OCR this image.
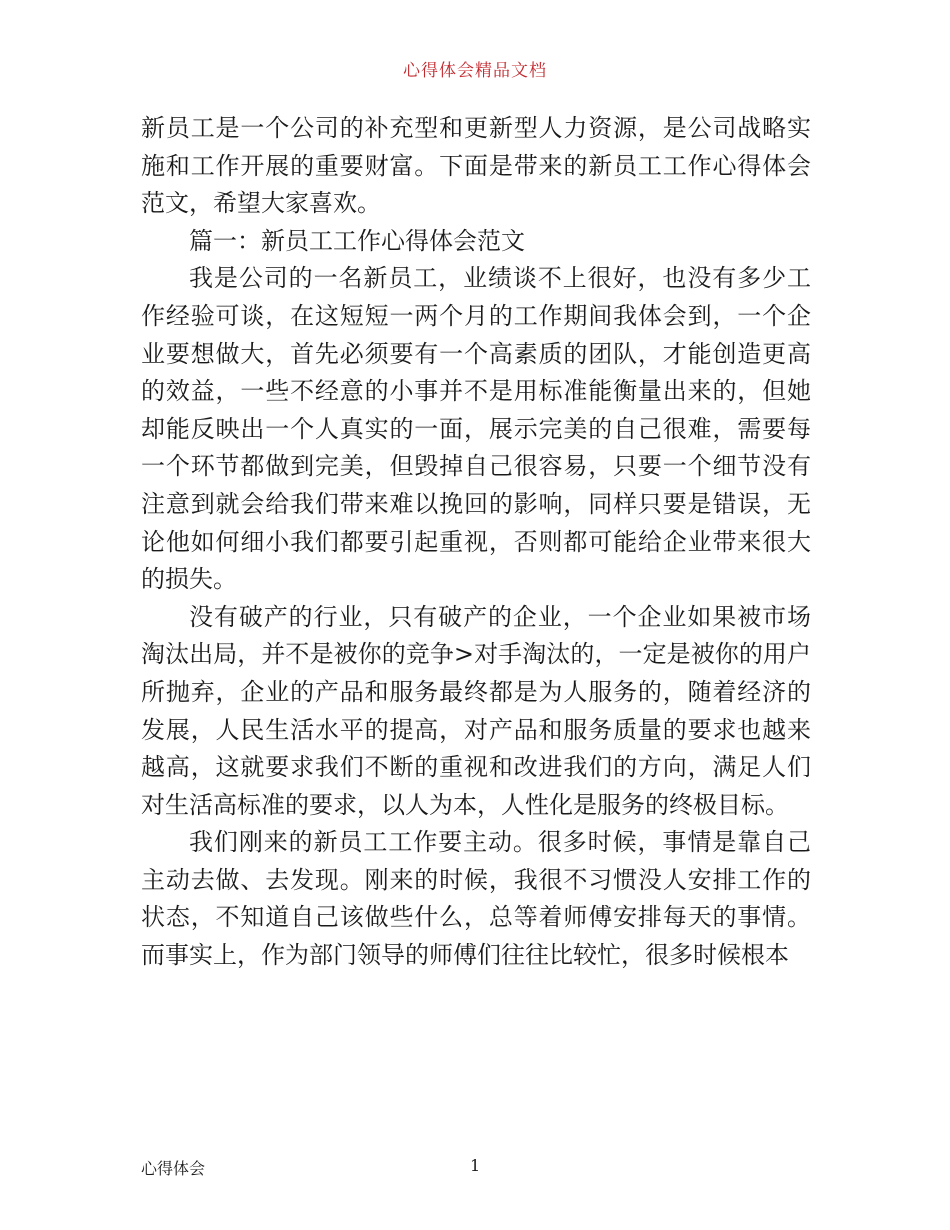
心得体会精品文档

新员工是一个公司的补充型和更新型人力资源，是公司战略实施和工作开展的重要财富。下面是带来的新员工工作心得体会范文，希望大家喜欢。

篇一：新员工工作心得体会范文

我是公司的一名新员工，业绩谈不上很好，也没有多少工作经验可谈，在这短短一两个月的工作期间我体会到，一个企业要想做大，首先必须要有一个高素质的团队，才能创造更高的效益，一些不经意的小事并不是用标准能衡量出来的，但她却能反映出一个人真实的一面，展示完美的自己很难，需要每一个环节都做到完美，但毁掉自己很容易，只要一个细节没有注意到就会给我们带来难以挽回的影响，同样只要是错误，无论他如何细小我们都要引起重视，否则都可能给企业带来很大的损失。

没有破产的行业，只有破产的企业，一个企业如果被市场淘汰出局，并不是被你的竞争>对手淘汰的，一定是被你的用户所抛弃，企业的产品和服务最终都是为人服务的，随着经济的发展，人民生活水平的提高，对产品和服务质量的要求也越来越高，这就要求我们不断的重视和改进我们的方向，满足人们对生活高标准的要求，以人为本，人性化是服务的终极目标。

我们刚来的新员工工作要主动。很多时候，事情是靠自己主动去做、去发现。刚来的时候，我很不习惯没人安排工作的状态，不知道自己该做些什么，总等着师傅安排每天的事情。而事实上，作为部门领导的师傅们往往比较忙，很多时候根本

心得体会	1
